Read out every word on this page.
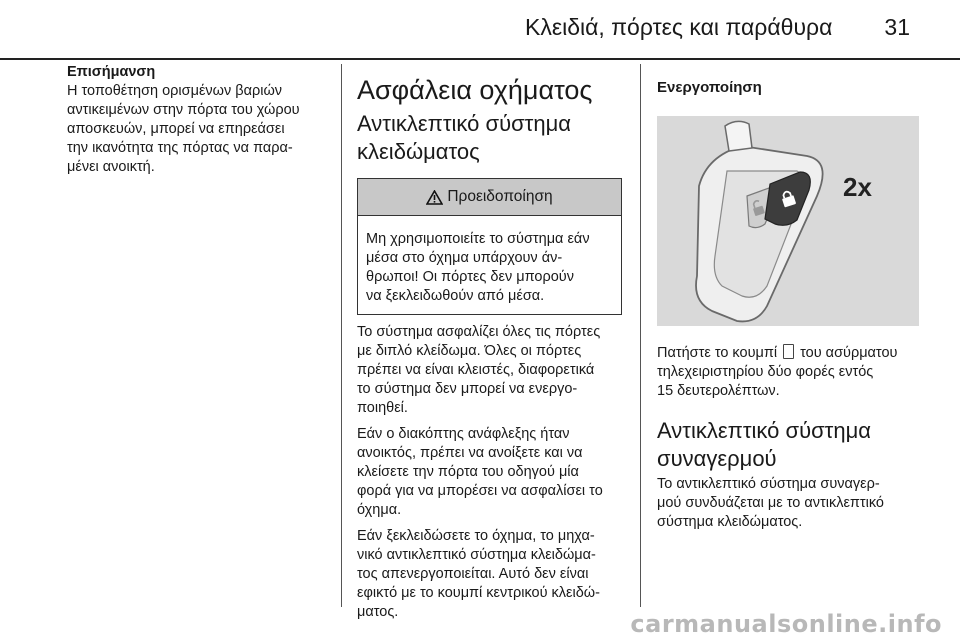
Κλειδιά, πόρτες και παράθυρα 31
Επισήμανση
Η τοποθέτηση ορισμένων βαριών
αντικειμένων στην πόρτα του χώρου
αποσκευών, μπορεί να επηρεάσει
την ικανότητα της πόρτας να παρα-
μένει ανοικτή.
Ασφάλεια οχήματος
Αντικλεπτικό σύστημα
κλειδώματος
Προειδοποίηση
Μη χρησιμοποιείτε το σύστημα εάν
μέσα στο όχημα υπάρχουν άν-
θρωποι! Οι πόρτες δεν μπορούν
να ξεκλειδωθούν από μέσα.
Το σύστημα ασφαλίζει όλες τις πόρτες
με διπλό κλείδωμα. Όλες οι πόρτες
πρέπει να είναι κλειστές, διαφορετικά
το σύστημα δεν μπορεί να ενεργο-
ποιηθεί.
Εάν ο διακόπτης ανάφλεξης ήταν
ανοικτός, πρέπει να ανοίξετε και να
κλείσετε την πόρτα του οδηγού μία
φορά για να μπορέσει να ασφαλίσει το
όχημα.
Εάν ξεκλειδώσετε το όχημα, το μηχα-
νικό αντικλεπτικό σύστημα κλειδώμα-
τος απενεργοποιείται. Αυτό δεν είναι
εφικτό με το κουμπί κεντρικού κλειδώ-
ματος.
Ενεργοποίηση
2x
Πατήστε το κουμπί  του ασύρματου
τηλεχειριστηρίου δύο φορές εντός
15 δευτερολέπτων.
Αντικλεπτικό σύστημα
συναγερμού
Το αντικλεπτικό σύστημα συναγερ-
μού συνδυάζεται με το αντικλεπτικό
σύστημα κλειδώματος.
carmanualsonline.info
